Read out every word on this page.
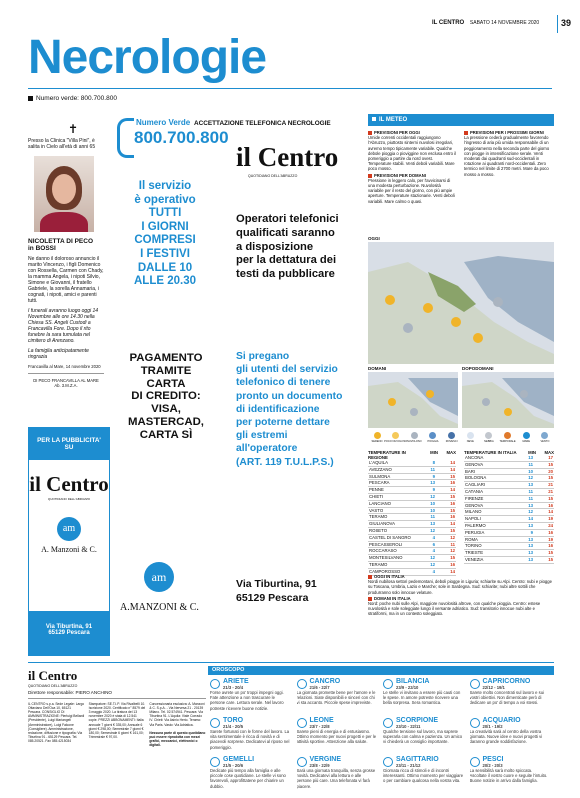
IL CENTRO SABATO 14 NOVEMBRE 2020 39
Necrologie
Numero verde: 800.700.800
✝
Presso la Clinica "Villa Pini", è salita in Cielo all'età di anni 65
NICOLETTA DI PECO
in BOSSI
Ne danno il doloroso annuncio il marito Vincenzo, i figli Domenico con Rossella, Carmen con Chady, la mamma Angela, i nipoti Silvio, Simone e Giovanni, il fratello Gabriele, la sorella Annamaria, i cognati, i nipoti, amici e parenti tutti.
I funerali avranno luogo oggi 14 Novembre alle ore 14.30 nella Chiesa SS. Angeli Custodi a Francavilla Fore. Dopo il rito funebre la sara tumulata nel cimitero di Arenzano.
La famiglia anticipatamente ringrazia
Francavilla al Mare, 14 novembre 2020
DI PECO FRANCAVILLA AL MARE
Ab. 3.M.Z.A.
PER LA PUBBLICITA' SU
il Centro
QUOTIDIANO DELL'ABRUZZO
am
A. Manzoni & C.
Via Tiburtina, 91
65129 Pescara
Numero Verde
800.700.800
ACCETTAZIONE TELEFONICA NECROLOGIE
il Centro
QUOTIDIANO DELL'ABRUZZO
Il servizio
è operativo
TUTTI
I GIORNI
COMPRESI
I FESTIVI
DALLE 10
ALLE 20.30
Operatori telefonici
qualificati saranno
a disposizione
per la dettatura dei
testi da pubblicare
PAGAMENTO
TRAMITE
CARTA
DI CREDITO:
VISA,
MASTERCAD,
CARTA SÌ
Si pregano
gli utenti del servizio
telefonico di tenere
pronto un documento
di identificazione
per poterne dettare
gli estremi
all'operatore
(ART. 119 T.U.L.P.S.)
am
A.MANZONI & C.
Via Tiburtina, 91
65129 Pescara
IL METEO
PREVISIONI PER OGGI
Umide correnti occidentali raggiungono l'Abruzzo, piuttosto sinterni nuvolosi irregolari, avremo tempo tipicamente variabile. Qualche debole pioggia o pioviggine non esclusa entro il pomeriggio a partire da nord ovest. Temperature stabili. Venti deboli variabili. Mare poco mosso.
PREVISIONI PER DOMANI
Pressione in leggero calo, per l'avvicinarsi di una modesta perturbazione. Nuvolosità variabile per il resto del giorno, con più ampie aperture. Temperature stazionarie. Venti deboli variabili. Mare calmo o quasi.
PREVISIONI PER I PROSSIMI GIORNI
La pressione cederà gradualmente favorendo l'ingresso di aria più umida responsabile di un peggioramento nella seconda parte del giorno con piogge in intensificazione serale. Venti moderati dai quadranti sud-occidentali in rotazione ai quadranti nord-occidentali. Zero termico nel limite di 2700 metri. Mare da poco mosso a mosso.
OGGI
DOMANI	DOPODOMANI
SERENO POCO NUVOLOSO NUVOLOSO PIOGGIA	ROVESCI	NEVE	NEBBIA TEMPORALE	MARE	VENTO
TEMPERATURE IN REGIONE
MIN	MAX
L'AQUILA	8	14
AVEZZANO	11	14
SULMONA	9	15
PESCARA	13	16
PENNE	9	14
CHIETI	12	15
LANCIANO	10	16
VASTO	10	15
TERAMO	11	16
GIULIANOVA	13	14
ROSETO	12	15
CASTEL DI SANGRO	4	12
PESCASSEROLI	6	11
ROCCARASO	4	12
MONTESILVANO	12	15
TERAMO	12	16
CAMPOROSSO	4	14
TEMPERATURE IN ITALIA	MIN	MAX
ANCONA	13	17
GENOVA	11	15
BARI	10	20
BOLOGNA	12	15
CAGLIARI	13	21
CATANIA	11	21
FIRENZE	11	15
GENOVA	13	16
MILANO	12	14
NAPOLI	14	19
PALERMO	13	24
PERUGIA	9	16
ROMA	13	19
TORINO	13	16
TRIESTE	13	15
VENEZIA	13	15
OGGI IN ITALIA
Nordi nubilosa settori pedemontani, deboli piogge in Liguria; schiarite su Alpi. Centro: nubi e piogge su Toscana, Umbria, Lazio e Marche; sole in Sardegna. Sud: schiarite; nubi altre sottili che produrranno solo innocue velature.
DOMANI IN ITALIA
Nord: poche nubi sulle Alpi, maggiore nuvolosità altrove, con qualche pioggia. Centro: estese nuvolosità e sole soleggiate lungo il versante adriatico. Sud: transitorio innocue nubi alte e stratiformi, ma in un contesto soleggiato.
il Centro
QUOTIDIANO DELL'ABRUZZO
Direttore responsabile: PIERO ANCHINO
IL CENTRO s.p.a. Sede Legale: Largo Ottaviano Dell'Oca 10, 65121 Pescara. CONSIGLIO DI AMMINISTRAZIONE: Pierluigi Bellardi (Presidente), Luigi Mariangeli (Amministratore), Luigi Falcone (Consigliere). Amministrazione, redazione, diffusione e tipografia: Via Tiburtina 91 - 65129 Pescara. Tel. 085.20521. Fax 085.4215034
Stampatore: SE.T.I.P. Via Rivalbelli 10. Iscrizione 2020. Certificato n° 8579 del 3 maggio 2020. La tiratura del 13 novembre 2020 è stata di 12.541 copie. PREZZI ABBONAMENTI: Italia annuale 7 giorni € 335,00; Annuale 6 giorni € 298,00; Semestrale 7 giorni € 180,00; Semestrale 6 giorni € 161,00; Trimestrale € 97,00.
Concessionaria esclusiva: A. Manzoni & C. S.p.A. - Via Nervesa 21 - 20139 Milano. Tel. 02.574941. Pescara: Via Tiburtina 91. L'Aquila: Viale Corrado IV. Chieti: Via Asinio Herio. Teramo: Via Paris. Vasto: Via Adriatica.
Nessuna parte di questo quotidiano può essere riprodotta con mezzi grafici, meccanici, elettronici o digitali.
OROSCOPO
ARIETE
21/3 - 20/4
Forse avrete un po' troppi impegni oggi. Fate attenzione a non trascurare le persone care. Lettura serale. Nel lavoro potreste ricevere buone notizie.
TORO
21/4 - 20/5
Sarete fortunati con le forme del lavoro. La vita sentimentale è ricca di novità e di piacevoli sorprese. Dedicatevi al riposo nel pomeriggio.
GEMELLI
21/5 - 20/6
Dedicate più tempo alla famiglia e alle piccole cose quotidiane. Le stelle vi sono favorevoli, approfittatene per chiarire un dubbio.
CANCRO
21/6 - 22/7
La giornata promette bene per l'amore e le relazioni. Siate disponibili e sinceri con chi vi sta accanto. Piccole spese impreviste.
LEONE
23/7 - 22/8
Sarete pieni di energia e di entusiasmo. Ottimo momento per nuovi progetti e per le attività sportive. Attenzione alla salute.
VERGINE
23/8 - 22/9
Sarà una giornata tranquilla, senza grosse novità. Dedicatevi alla lettura e alle persone più care. Una telefonata vi farà piacere.
BILANCIA
23/9 - 22/10
Le stelle vi invitano a essere più cauti con le spese. In amore potreste ricevere una bella sorpresa. Sera romantica.
SCORPIONE
23/10 - 22/11
Qualche tensione sul lavoro, ma saprete superarla con calma e pazienza. Un amico vi chiederà un consiglio importante.
SAGITTARIO
23/11 - 21/12
Giornata ricca di stimoli e di incontri interessanti. Ottimo momento per viaggiare o per cambiare qualcosa nella vostra vita.
CAPRICORNO
22/12 - 19/1
Sarete molto concentrati sul lavoro e sui vostri obiettivi. Non dimenticate però di dedicare un po' di tempo a voi stessi.
ACQUARIO
20/1 - 19/2
La creatività sarà al centro della vostra giornata. Nuove idee e nuovi progetti vi daranno grande soddisfazione.
PESCI
20/2 - 20/3
La sensibilità sarà molto spiccata. Ascoltate il vostro cuore e seguite l'intuito. Buone notizie in arrivo dalla famiglia.
